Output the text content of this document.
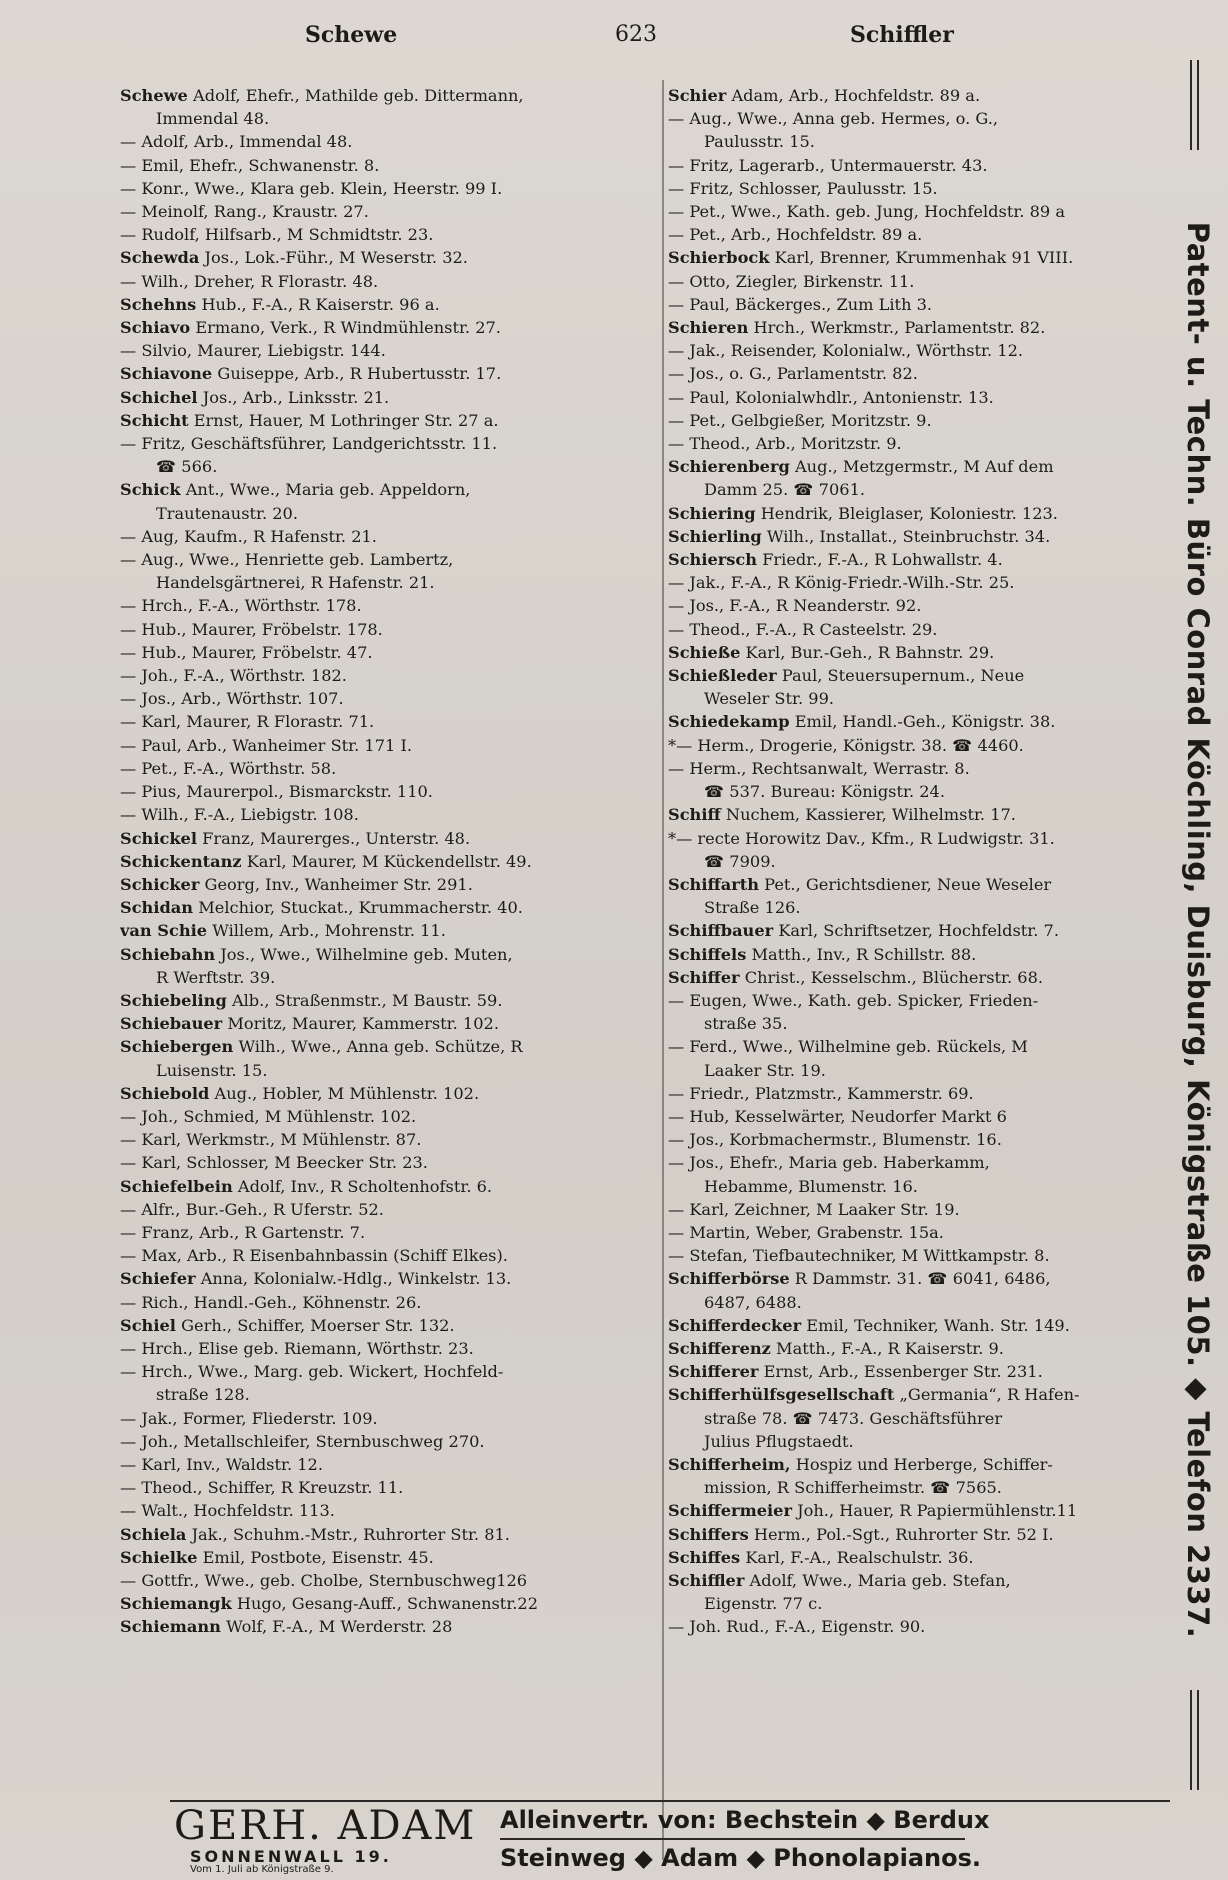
Schewe	623	Schiffler
Schewe Adolf, Ehefr., Mathilde geb. Dittermann,
Immendal 48.
— Adolf, Arb., Immendal 48.
— Emil, Ehefr., Schwanenstr. 8.
— Konr., Wwe., Klara geb. Klein, Heerstr. 99 I.
— Meinolf, Rang., Kraustr. 27.
— Rudolf, Hilfsarb., M Schmidtstr. 23.
Schewda Jos., Lok.-Führ., M Weserstr. 32.
— Wilh., Dreher, R Florastr. 48.
Schehns Hub., F.-A., R Kaiserstr. 96 a.
Schiavo Ermano, Verk., R Windmühlenstr. 27.
— Silvio, Maurer, Liebigstr. 144.
Schiavone Guiseppe, Arb., R Hubertusstr. 17.
Schichel Jos., Arb., Linksstr. 21.
Schicht Ernst, Hauer, M Lothringer Str. 27 a.
— Fritz, Geschäftsführer, Landgerichtsstr. 11.
☎ 566.
Schick Ant., Wwe., Maria geb. Appeldorn,
Trautenaustr. 20.
— Aug, Kaufm., R Hafenstr. 21.
— Aug., Wwe., Henriette geb. Lambertz,
Handelsgärtnerei, R Hafenstr. 21.
— Hrch., F.-A., Wörthstr. 178.
— Hub., Maurer, Fröbelstr. 178.
— Hub., Maurer, Fröbelstr. 47.
— Joh., F.-A., Wörthstr. 182.
— Jos., Arb., Wörthstr. 107.
— Karl, Maurer, R Florastr. 71.
— Paul, Arb., Wanheimer Str. 171 I.
— Pet., F.-A., Wörthstr. 58.
— Pius, Maurerpol., Bismarckstr. 110.
— Wilh., F.-A., Liebigstr. 108.
Schickel Franz, Maurerges., Unterstr. 48.
Schickentanz Karl, Maurer, M Kückendellstr. 49.
Schicker Georg, Inv., Wanheimer Str. 291.
Schidan Melchior, Stuckat., Krummacherstr. 40.
van Schie Willem, Arb., Mohrenstr. 11.
Schiebahn Jos., Wwe., Wilhelmine geb. Muten,
R Werftstr. 39.
Schiebeling Alb., Straßenmstr., M Baustr. 59.
Schiebauer Moritz, Maurer, Kammerstr. 102.
Schiebergen Wilh., Wwe., Anna geb. Schütze, R
Luisenstr. 15.
Schiebold Aug., Hobler, M Mühlenstr. 102.
— Joh., Schmied, M Mühlenstr. 102.
— Karl, Werkmstr., M Mühlenstr. 87.
— Karl, Schlosser, M Beecker Str. 23.
Schiefelbein Adolf, Inv., R Scholtenhofstr. 6.
— Alfr., Bur.-Geh., R Uferstr. 52.
— Franz, Arb., R Gartenstr. 7.
— Max, Arb., R Eisenbahnbassin (Schiff Elkes).
Schiefer Anna, Kolonialw.-Hdlg., Winkelstr. 13.
— Rich., Handl.-Geh., Köhnenstr. 26.
Schiel Gerh., Schiffer, Moerser Str. 132.
— Hrch., Elise geb. Riemann, Wörthstr. 23.
— Hrch., Wwe., Marg. geb. Wickert, Hochfeld-
straße 128.
— Jak., Former, Fliederstr. 109.
— Joh., Metallschleifer, Sternbuschweg 270.
— Karl, Inv., Waldstr. 12.
— Theod., Schiffer, R Kreuzstr. 11.
— Walt., Hochfeldstr. 113.
Schiela Jak., Schuhm.-Mstr., Ruhrorter Str. 81.
Schielke Emil, Postbote, Eisenstr. 45.
— Gottfr., Wwe., geb. Cholbe, Sternbuschweg126
Schiemangk Hugo, Gesang-Auff., Schwanenstr.22
Schiemann Wolf, F.-A., M Werderstr. 28
Schier Adam, Arb., Hochfeldstr. 89 a.
— Aug., Wwe., Anna geb. Hermes, o. G.,
Paulusstr. 15.
— Fritz, Lagerarb., Untermauerstr. 43.
— Fritz, Schlosser, Paulusstr. 15.
— Pet., Wwe., Kath. geb. Jung, Hochfeldstr. 89 a
— Pet., Arb., Hochfeldstr. 89 a.
Schierbock Karl, Brenner, Krummenhak 91 VIII.
— Otto, Ziegler, Birkenstr. 11.
— Paul, Bäckerges., Zum Lith 3.
Schieren Hrch., Werkmstr., Parlamentstr. 82.
— Jak., Reisender, Kolonialw., Wörthstr. 12.
— Jos., o. G., Parlamentstr. 82.
— Paul, Kolonialwhdlr., Antonienstr. 13.
— Pet., Gelbgießer, Moritzstr. 9.
— Theod., Arb., Moritzstr. 9.
Schierenberg Aug., Metzgermstr., M Auf dem
Damm 25. ☎ 7061.
Schiering Hendrik, Bleiglaser, Koloniestr. 123.
Schierling Wilh., Installat., Steinbruchstr. 34.
Schiersch Friedr., F.-A., R Lohwallstr. 4.
— Jak., F.-A., R König-Friedr.-Wilh.-Str. 25.
— Jos., F.-A., R Neanderstr. 92.
— Theod., F.-A., R Casteelstr. 29.
Schieße Karl, Bur.-Geh., R Bahnstr. 29.
Schießleder Paul, Steuersupernum., Neue
Weseler Str. 99.
Schiedekamp Emil, Handl.-Geh., Königstr. 38.
*— Herm., Drogerie, Königstr. 38. ☎ 4460.
— Herm., Rechtsanwalt, Werrastr. 8.
☎ 537. Bureau: Königstr. 24.
Schiff Nuchem, Kassierer, Wilhelmstr. 17.
*— recte Horowitz Dav., Kfm., R Ludwigstr. 31.
☎ 7909.
Schiffarth Pet., Gerichtsdiener, Neue Weseler
Straße 126.
Schiffbauer Karl, Schriftsetzer, Hochfeldstr. 7.
Schiffels Matth., Inv., R Schillstr. 88.
Schiffer Christ., Kesselschm., Blücherstr. 68.
— Eugen, Wwe., Kath. geb. Spicker, Frieden-
straße 35.
— Ferd., Wwe., Wilhelmine geb. Rückels, M
Laaker Str. 19.
— Friedr., Platzmstr., Kammerstr. 69.
— Hub, Kesselwärter, Neudorfer Markt 6
— Jos., Korbmachermstr., Blumenstr. 16.
— Jos., Ehefr., Maria geb. Haberkamm,
Hebamme, Blumenstr. 16.
— Karl, Zeichner, M Laaker Str. 19.
— Martin, Weber, Grabenstr. 15a.
— Stefan, Tiefbautechniker, M Wittkampstr. 8.
Schifferbörse R Dammstr. 31. ☎ 6041, 6486,
6487, 6488.
Schifferdecker Emil, Techniker, Wanh. Str. 149.
Schifferenz Matth., F.-A., R Kaiserstr. 9.
Schifferer Ernst, Arb., Essenberger Str. 231.
Schifferhülfsgesellschaft „Germania“, R Hafen-
straße 78. ☎ 7473. Geschäftsführer
Julius Pflugstaedt.
Schifferheim, Hospiz und Herberge, Schiffer-
mission, R Schifferheimstr. ☎ 7565.
Schiffermeier Joh., Hauer, R Papiermühlenstr.11
Schiffers Herm., Pol.-Sgt., Ruhrorter Str. 52 I.
Schiffes Karl, F.-A., Realschulstr. 36.
Schiffler Adolf, Wwe., Maria geb. Stefan,
Eigenstr. 77 c.
— Joh. Rud., F.-A., Eigenstr. 90.	Patent- u. Techn. Büro Conrad Köchling, Duisburg, Königstraße 105. ◆ Telefon 2337.
GERH. ADAM
SONNENWALL 19.
Vom 1. Juli ab Königstraße 9.
Alleinvertr. von: Bechstein ◆ Berdux
Steinweg ◆ Adam ◆ Phonolapianos.
